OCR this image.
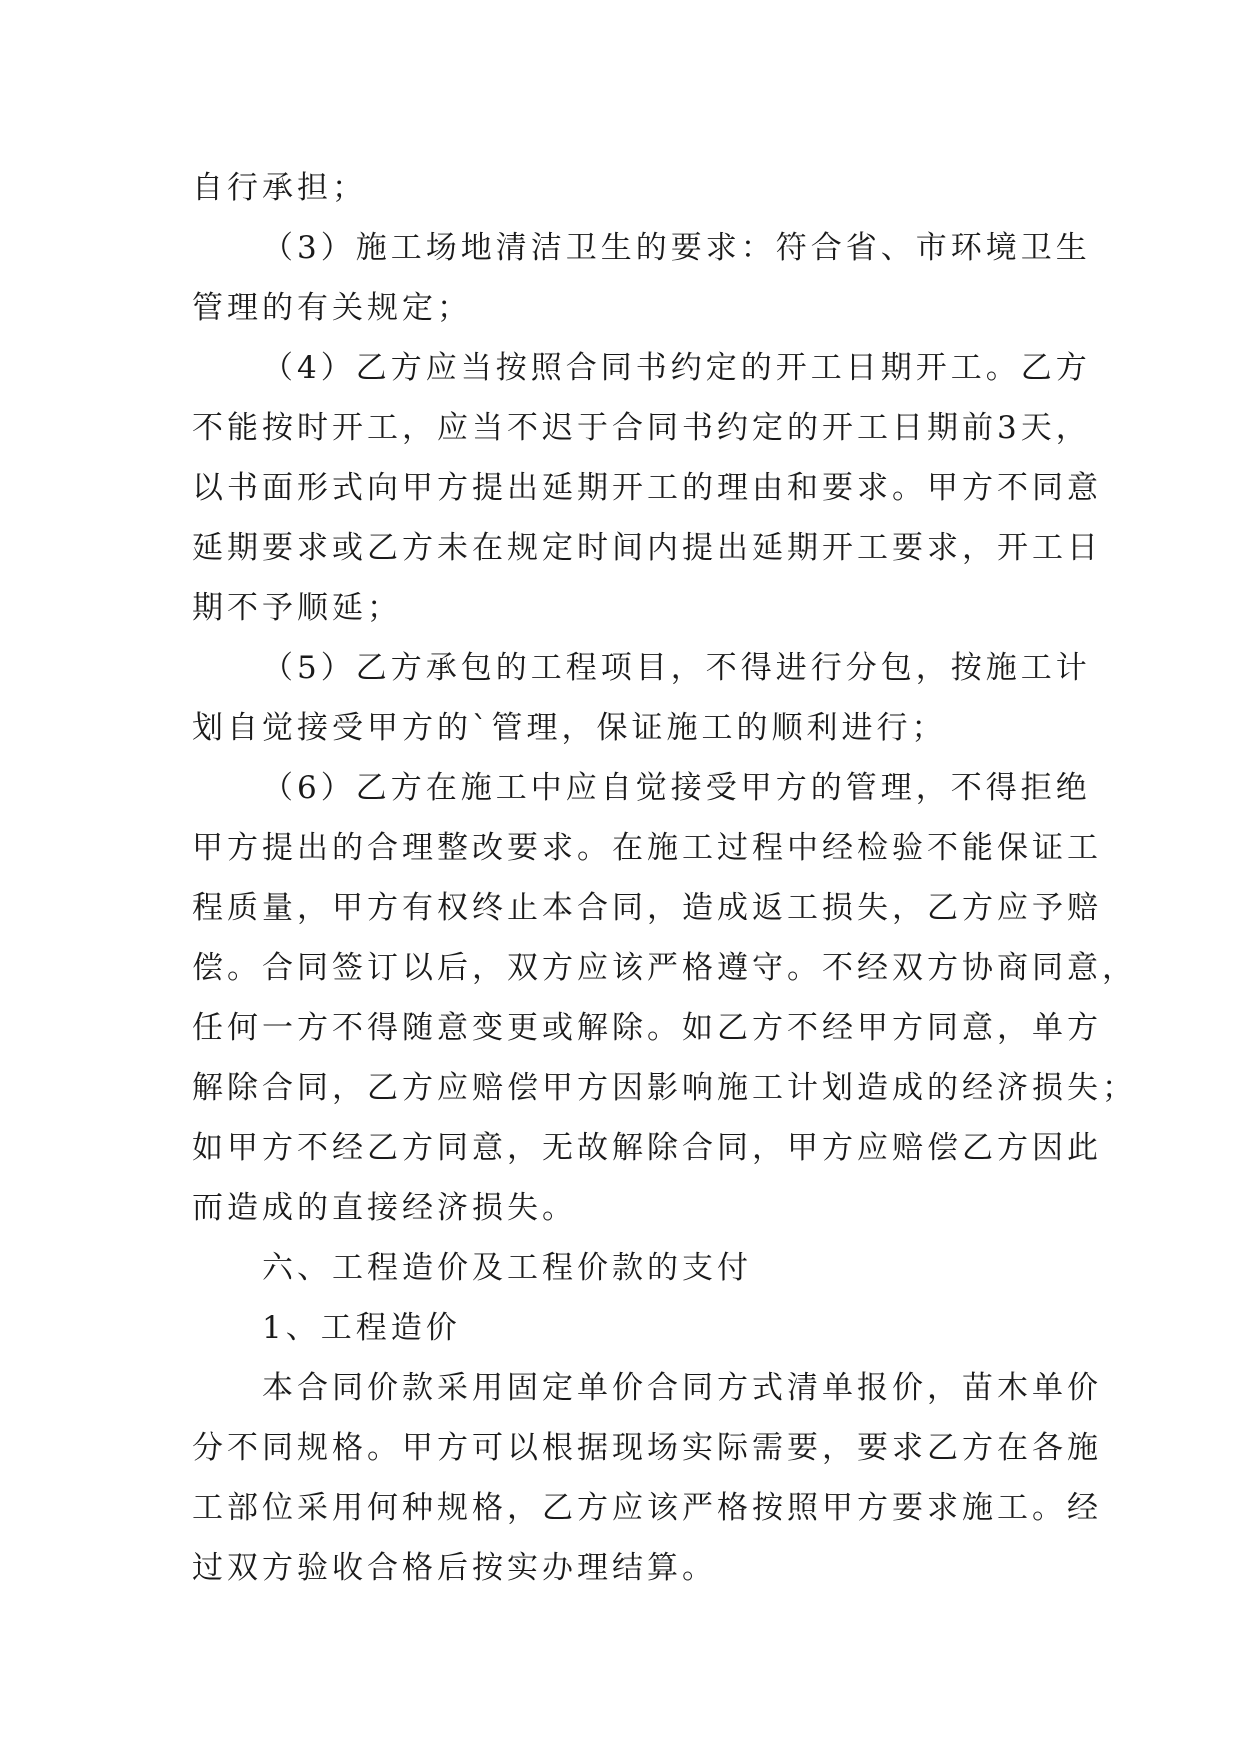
自行承担；
（3）施工场地清洁卫生的要求：符合省、市环境卫生
管理的有关规定；
（4）乙方应当按照合同书约定的开工日期开工。乙方
不能按时开工，应当不迟于合同书约定的开工日期前3天，
以书面形式向甲方提出延期开工的理由和要求。甲方不同意
延期要求或乙方未在规定时间内提出延期开工要求，开工日
期不予顺延；
（5）乙方承包的工程项目，不得进行分包，按施工计
划自觉接受甲方的`管理，保证施工的顺利进行；
（6）乙方在施工中应自觉接受甲方的管理，不得拒绝
甲方提出的合理整改要求。在施工过程中经检验不能保证工
程质量，甲方有权终止本合同，造成返工损失，乙方应予赔
偿。合同签订以后，双方应该严格遵守。不经双方协商同意，
任何一方不得随意变更或解除。如乙方不经甲方同意，单方
解除合同，乙方应赔偿甲方因影响施工计划造成的经济损失；
如甲方不经乙方同意，无故解除合同，甲方应赔偿乙方因此
而造成的直接经济损失。
六、工程造价及工程价款的支付
1、工程造价
本合同价款采用固定单价合同方式清单报价，苗木单价
分不同规格。甲方可以根据现场实际需要，要求乙方在各施
工部位采用何种规格，乙方应该严格按照甲方要求施工。经
过双方验收合格后按实办理结算。
